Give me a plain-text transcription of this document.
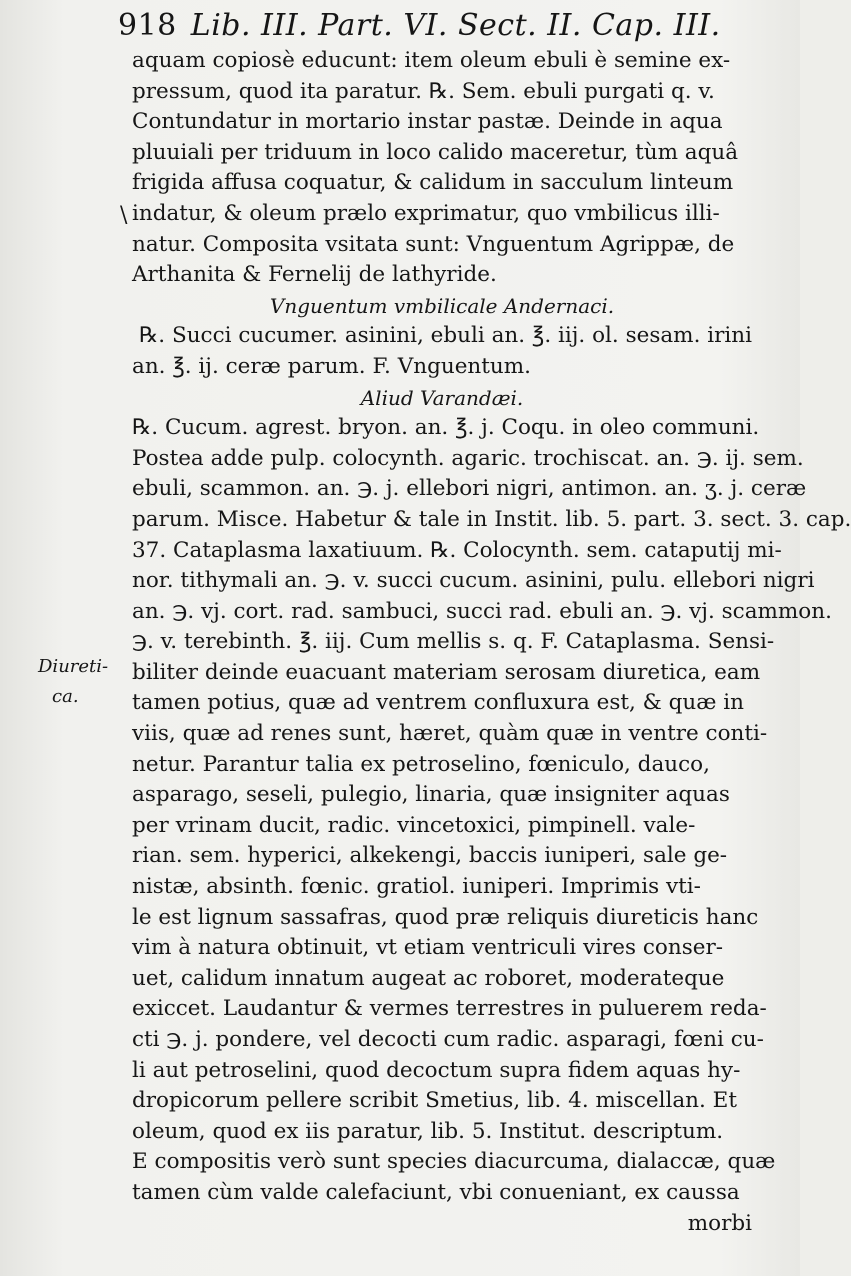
918 Lib. III. Part. VI. Sect. II. Cap. III.
\
Diureti-
ca.
aquam copiosè educunt: item oleum ebuli è semine ex-
pressum, quod ita paratur. ℞. Sem. ebuli purgati q. v.
Contundatur in mortario instar pastæ. Deinde in aqua
pluuiali per triduum in loco calido maceretur, tùm aquâ
frigida affusa coquatur, & calidum in sacculum linteum
indatur, & oleum prælo exprimatur, quo vmbilicus illi-
natur. Composita vsitata sunt: Vnguentum Agrippæ, de
Arthanita & Fernelij de lathyride.
Vnguentum vmbilicale Andernaci.
℞. Succi cucumer. asinini, ebuli an. ℥. iij. ol. sesam. irini
an. ℥. ij. ceræ parum. F. Vnguentum.
Aliud Varandæi.
℞. Cucum. agrest. bryon. an. ℥. j. Coqu. in oleo communi.
Postea adde pulp. colocynth. agaric. trochiscat. an. ℈. ij. sem.
ebuli, scammon. an. ℈. j. ellebori nigri, antimon. an. ʒ. j. ceræ
parum. Misce. Habetur & tale in Instit. lib. 5. part. 3. sect. 3. cap.
37. Cataplasma laxatiuum. ℞. Colocynth. sem. cataputij mi-
nor. tithymali an. ℈. v. succi cucum. asinini, pulu. ellebori nigri
an. ℈. vj. cort. rad. sambuci, succi rad. ebuli an. ℈. vj. scammon.
℈. v. terebinth. ℥. iij. Cum mellis s. q. F. Cataplasma. Sensi-
biliter deinde euacuant materiam serosam diuretica, eam
tamen potius, quæ ad ventrem confluxura est, & quæ in
viis, quæ ad renes sunt, hæret, quàm quæ in ventre conti-
netur. Parantur talia ex petroselino, fœniculo, dauco,
asparago, seseli, pulegio, linaria, quæ insigniter aquas
per vrinam ducit, radic. vincetoxici, pimpinell. vale-
rian. sem. hyperici, alkekengi, baccis iuniperi, sale ge-
nistæ, absinth. fœnic. gratiol. iuniperi. Imprimis vti-
le est lignum sassafras, quod præ reliquis diureticis hanc
vim à natura obtinuit, vt etiam ventriculi vires conser-
uet, calidum innatum augeat ac roboret, moderateque
exiccet. Laudantur & vermes terrestres in puluerem reda-
cti ℈. j. pondere, vel decocti cum radic. asparagi, fœni cu-
li aut petroselini, quod decoctum supra fidem aquas hy-
dropicorum pellere scribit Smetius, lib. 4. miscellan. Et
oleum, quod ex iis paratur, lib. 5. Institut. descriptum.
E compositis verò sunt species diacurcuma, dialaccæ, quæ
tamen cùm valde calefaciunt, vbi conueniant, ex caussa
morbi
